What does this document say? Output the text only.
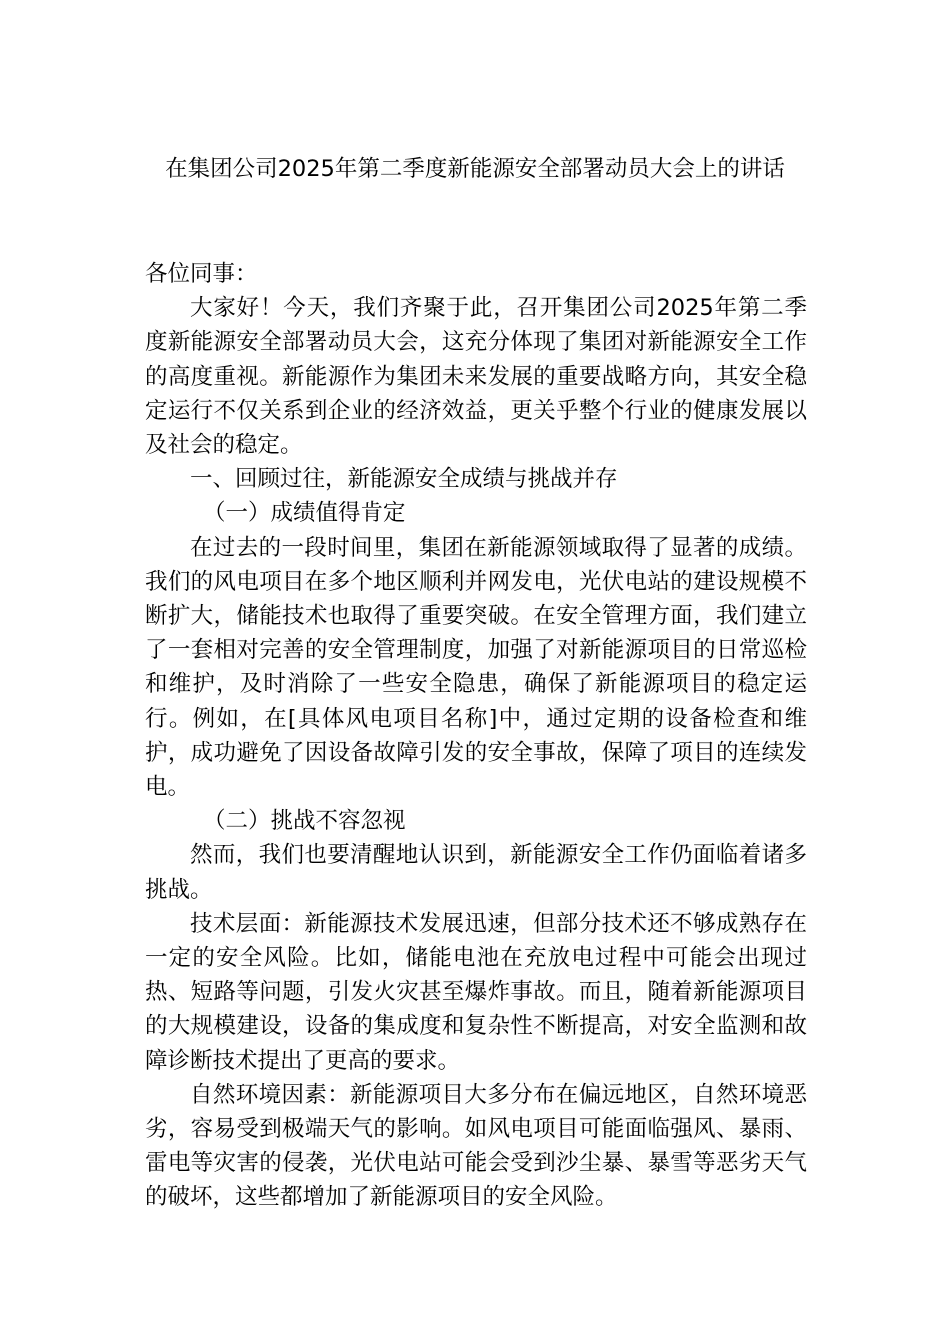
在集团公司2025年第二季度新能源安全部署动员大会上的讲话

各位同事：

大家好！今天，我们齐聚于此，召开集团公司2025年第二季度新能源安全部署动员大会，这充分体现了集团对新能源安全工作的高度重视。新能源作为集团未来发展的重要战略方向，其安全稳定运行不仅关系到企业的经济效益，更关乎整个行业的健康发展以及社会的稳定。

一、回顾过往，新能源安全成绩与挑战并存

（一）成绩值得肯定

在过去的一段时间里，集团在新能源领域取得了显著的成绩。我们的风电项目在多个地区顺利并网发电，光伏电站的建设规模不断扩大，储能技术也取得了重要突破。在安全管理方面，我们建立了一套相对完善的安全管理制度，加强了对新能源项目的日常巡检和维护，及时消除了一些安全隐患，确保了新能源项目的稳定运行。例如，在[具体风电项目名称]中，通过定期的设备检查和维护，成功避免了因设备故障引发的安全事故，保障了项目的连续发电。

（二）挑战不容忽视

然而，我们也要清醒地认识到，新能源安全工作仍面临着诸多挑战。

技术层面：新能源技术发展迅速，但部分技术还不够成熟存在一定的安全风险。比如，储能电池在充放电过程中可能会出现过热、短路等问题，引发火灾甚至爆炸事故。而且，随着新能源项目的大规模建设，设备的集成度和复杂性不断提高，对安全监测和故障诊断技术提出了更高的要求。

自然环境因素：新能源项目大多分布在偏远地区，自然环境恶劣，容易受到极端天气的影响。如风电项目可能面临强风、暴雨、雷电等灾害的侵袭，光伏电站可能会受到沙尘暴、暴雪等恶劣天气的破坏，这些都增加了新能源项目的安全风险。
